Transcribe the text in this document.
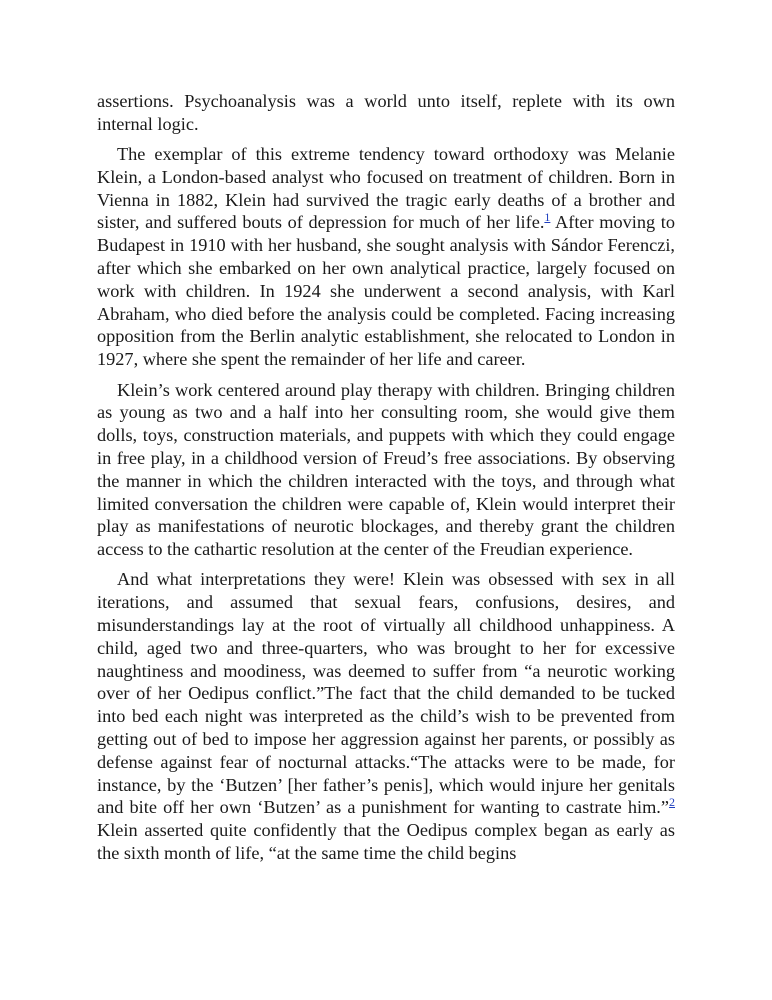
assertions. Psychoanalysis was a world unto itself, replete with its own internal logic.

The exemplar of this extreme tendency toward orthodoxy was Melanie Klein, a London-based analyst who focused on treatment of children. Born in Vienna in 1882, Klein had survived the tragic early deaths of a brother and sister, and suffered bouts of depression for much of her life.$^1$ After moving to Budapest in 1910 with her husband, she sought analysis with Sándor Ferenczi, after which she embarked on her own analytical practice, largely focused on work with children. In 1924 she underwent a second analysis, with Karl Abraham, who died before the analysis could be completed. Facing increasing opposition from the Berlin analytic establishment, she relocated to London in 1927, where she spent the remainder of her life and career.

Klein’s work centered around play therapy with children. Bringing children as young as two and a half into her consulting room, she would give them dolls, toys, construction materials, and puppets with which they could engage in free play, in a childhood version of Freud’s free associations. By observing the manner in which the children interacted with the toys, and through what limited conversation the children were capable of, Klein would interpret their play as manifestations of neurotic blockages, and thereby grant the children access to the cathartic resolution at the center of the Freudian experience.

And what interpretations they were! Klein was obsessed with sex in all iterations, and assumed that sexual fears, confusions, desires, and misunderstandings lay at the root of virtually all childhood unhappiness. A child, aged two and three-quarters, who was brought to her for excessive naughtiness and moodiness, was deemed to suffer from “a neurotic working over of her Oedipus conflict.”The fact that the child demanded to be tucked into bed each night was interpreted as the child’s wish to be prevented from getting out of bed to impose her aggression against her parents, or possibly as defense against fear of nocturnal attacks.“The attacks were to be made, for instance, by the ‘Butzen’ [her father’s penis], which would injure her genitals and bite off her own ‘Butzen’ as a punishment for wanting to castrate him.”$^2$ Klein asserted quite confidently that the Oedipus complex began as early as the sixth month of life, “at the same time the child begins
